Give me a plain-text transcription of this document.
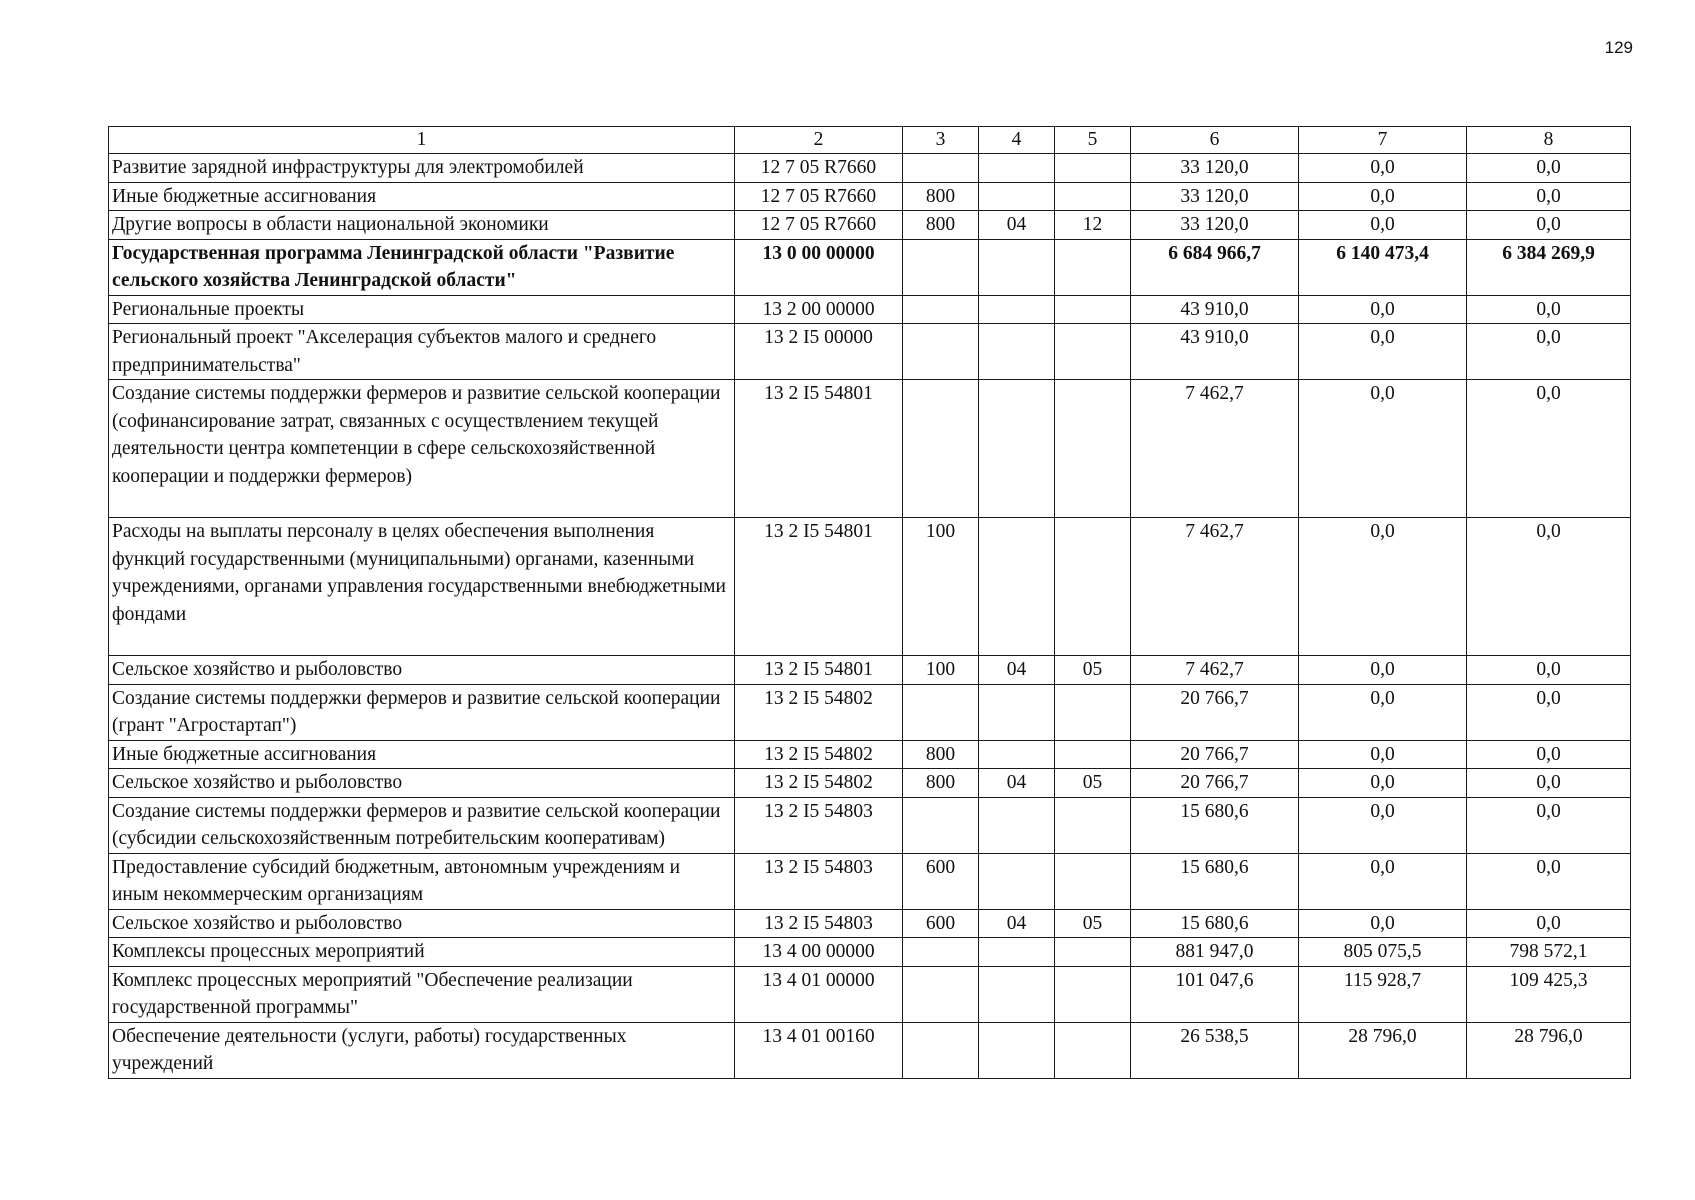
129
1	2	3	4	5	6	7	8
Развитие зарядной инфраструктуры для электромобилей	12 7 05 R7660				33 120,0	0,0	0,0
Иные бюджетные ассигнования	12 7 05 R7660	800			33 120,0	0,0	0,0
Другие вопросы в области национальной экономики	12 7 05 R7660	800	04	12	33 120,0	0,0	0,0
Государственная программа Ленинградской области "Развитие сельского хозяйства Ленинградской области"	13 0 00 00000				6 684 966,7	6 140 473,4	6 384 269,9
Региональные проекты	13 2 00 00000				43 910,0	0,0	0,0
Региональный проект "Акселерация субъектов малого и среднего предпринимательства"	13 2 I5 00000				43 910,0	0,0	0,0
Создание системы поддержки фермеров и развитие сельской кооперации (софинансирование затрат, связанных с осуществлением текущей деятельности центра компетенции в сфере сельскохозяйственной кооперации и поддержки фермеров)	13 2 I5 54801				7 462,7	0,0	0,0
Расходы на выплаты персоналу в целях обеспечения выполнения функций государственными (муниципальными) органами, казенными учреждениями, органами управления государственными внебюджетными фондами	13 2 I5 54801	100			7 462,7	0,0	0,0
Сельское хозяйство и рыболовство	13 2 I5 54801	100	04	05	7 462,7	0,0	0,0
Создание системы поддержки фермеров и развитие сельской кооперации (грант "Агростартап")	13 2 I5 54802				20 766,7	0,0	0,0
Иные бюджетные ассигнования	13 2 I5 54802	800			20 766,7	0,0	0,0
Сельское хозяйство и рыболовство	13 2 I5 54802	800	04	05	20 766,7	0,0	0,0
Создание системы поддержки фермеров и развитие сельской кооперации (субсидии сельскохозяйственным потребительским кооперативам)	13 2 I5 54803				15 680,6	0,0	0,0
Предоставление субсидий бюджетным, автономным учреждениям и иным некоммерческим организациям	13 2 I5 54803	600			15 680,6	0,0	0,0
Сельское хозяйство и рыболовство	13 2 I5 54803	600	04	05	15 680,6	0,0	0,0
Комплексы процессных мероприятий	13 4 00 00000				881 947,0	805 075,5	798 572,1
Комплекс процессных мероприятий "Обеспечение реализации государственной программы"	13 4 01 00000				101 047,6	115 928,7	109 425,3
Обеспечение деятельности (услуги, работы) государственных учреждений	13 4 01 00160				26 538,5	28 796,0	28 796,0
